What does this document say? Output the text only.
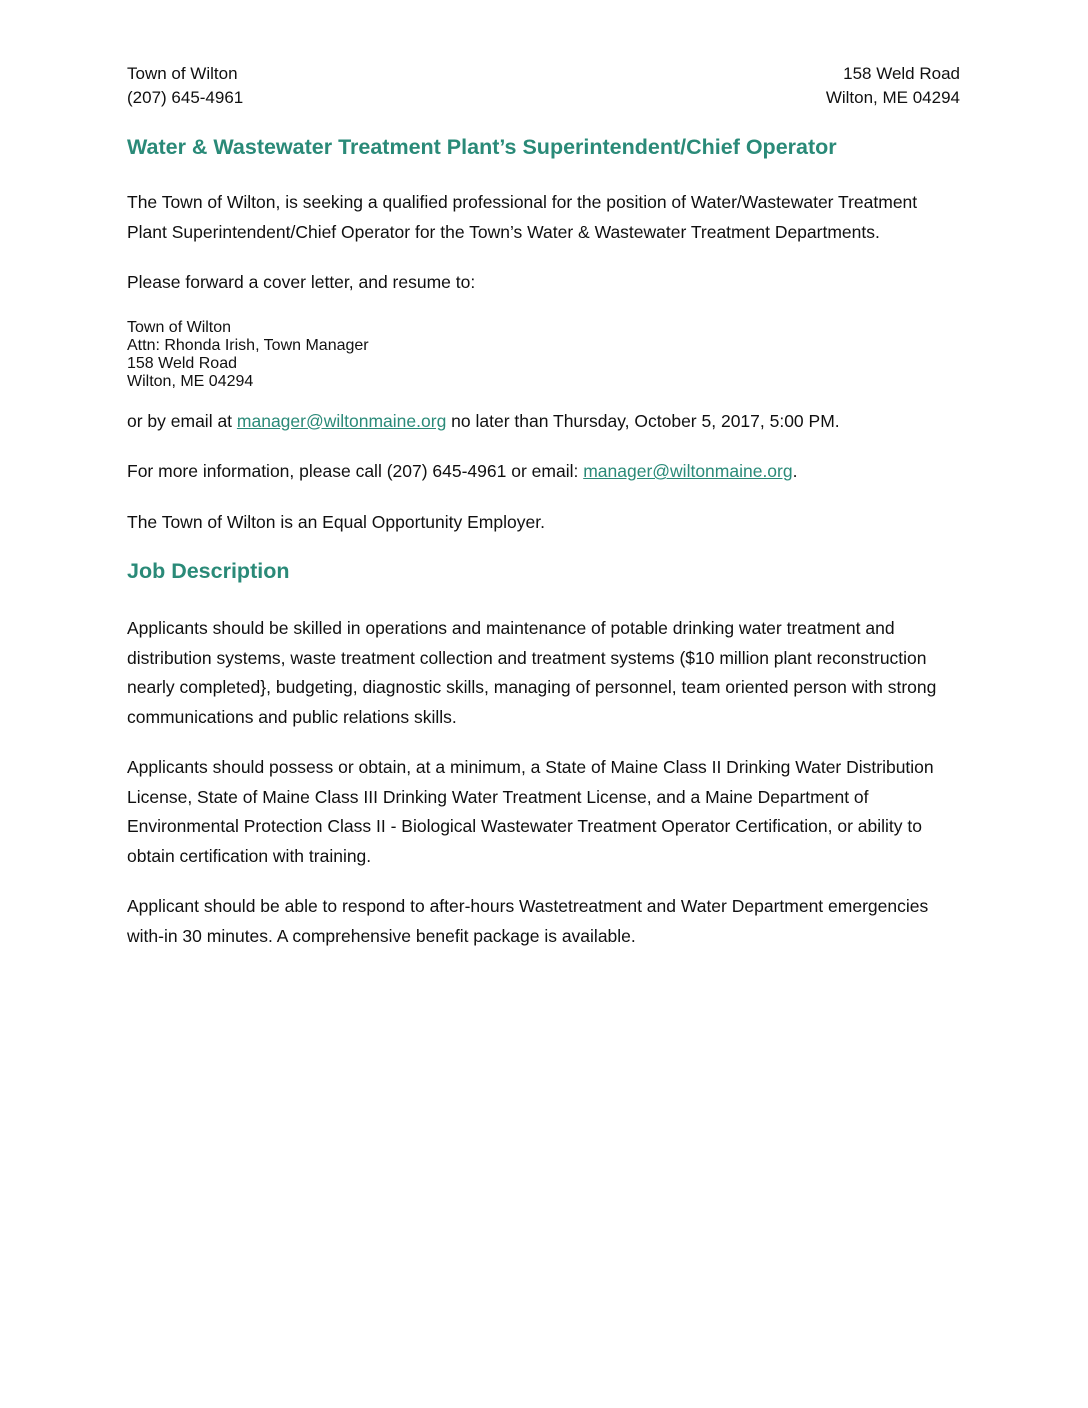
Town of Wilton
(207) 645-4961
158 Weld Road
Wilton, ME 04294
Water & Wastewater Treatment Plant’s Superintendent/Chief Operator

The Town of Wilton, is seeking a qualified professional for the position of Water/Wastewater Treatment Plant Superintendent/Chief Operator for the Town’s Water & Wastewater Treatment Departments.

Please forward a cover letter, and resume to:

Town of Wilton
Attn: Rhonda Irish, Town Manager
158 Weld Road
Wilton, ME 04294

or by email at manager@wiltonmaine.org no later than Thursday, October 5, 2017, 5:00 PM.

For more information, please call (207) 645-4961 or email: manager@wiltonmaine.org.

The Town of Wilton is an Equal Opportunity Employer.

Job Description

Applicants should be skilled in operations and maintenance of potable drinking water treatment and distribution systems, waste treatment collection and treatment systems ($10 million plant reconstruction nearly completed}, budgeting, diagnostic skills, managing of personnel, team oriented person with strong communications and public relations skills.

Applicants should possess or obtain, at a minimum, a State of Maine Class II Drinking Water Distribution License, State of Maine Class III Drinking Water Treatment License, and a Maine Department of Environmental Protection Class II - Biological Wastewater Treatment Operator Certification, or ability to obtain certification with training.

Applicant should be able to respond to after-hours Wastetreatment and Water Department emergencies with-in 30 minutes. A comprehensive benefit package is available.
